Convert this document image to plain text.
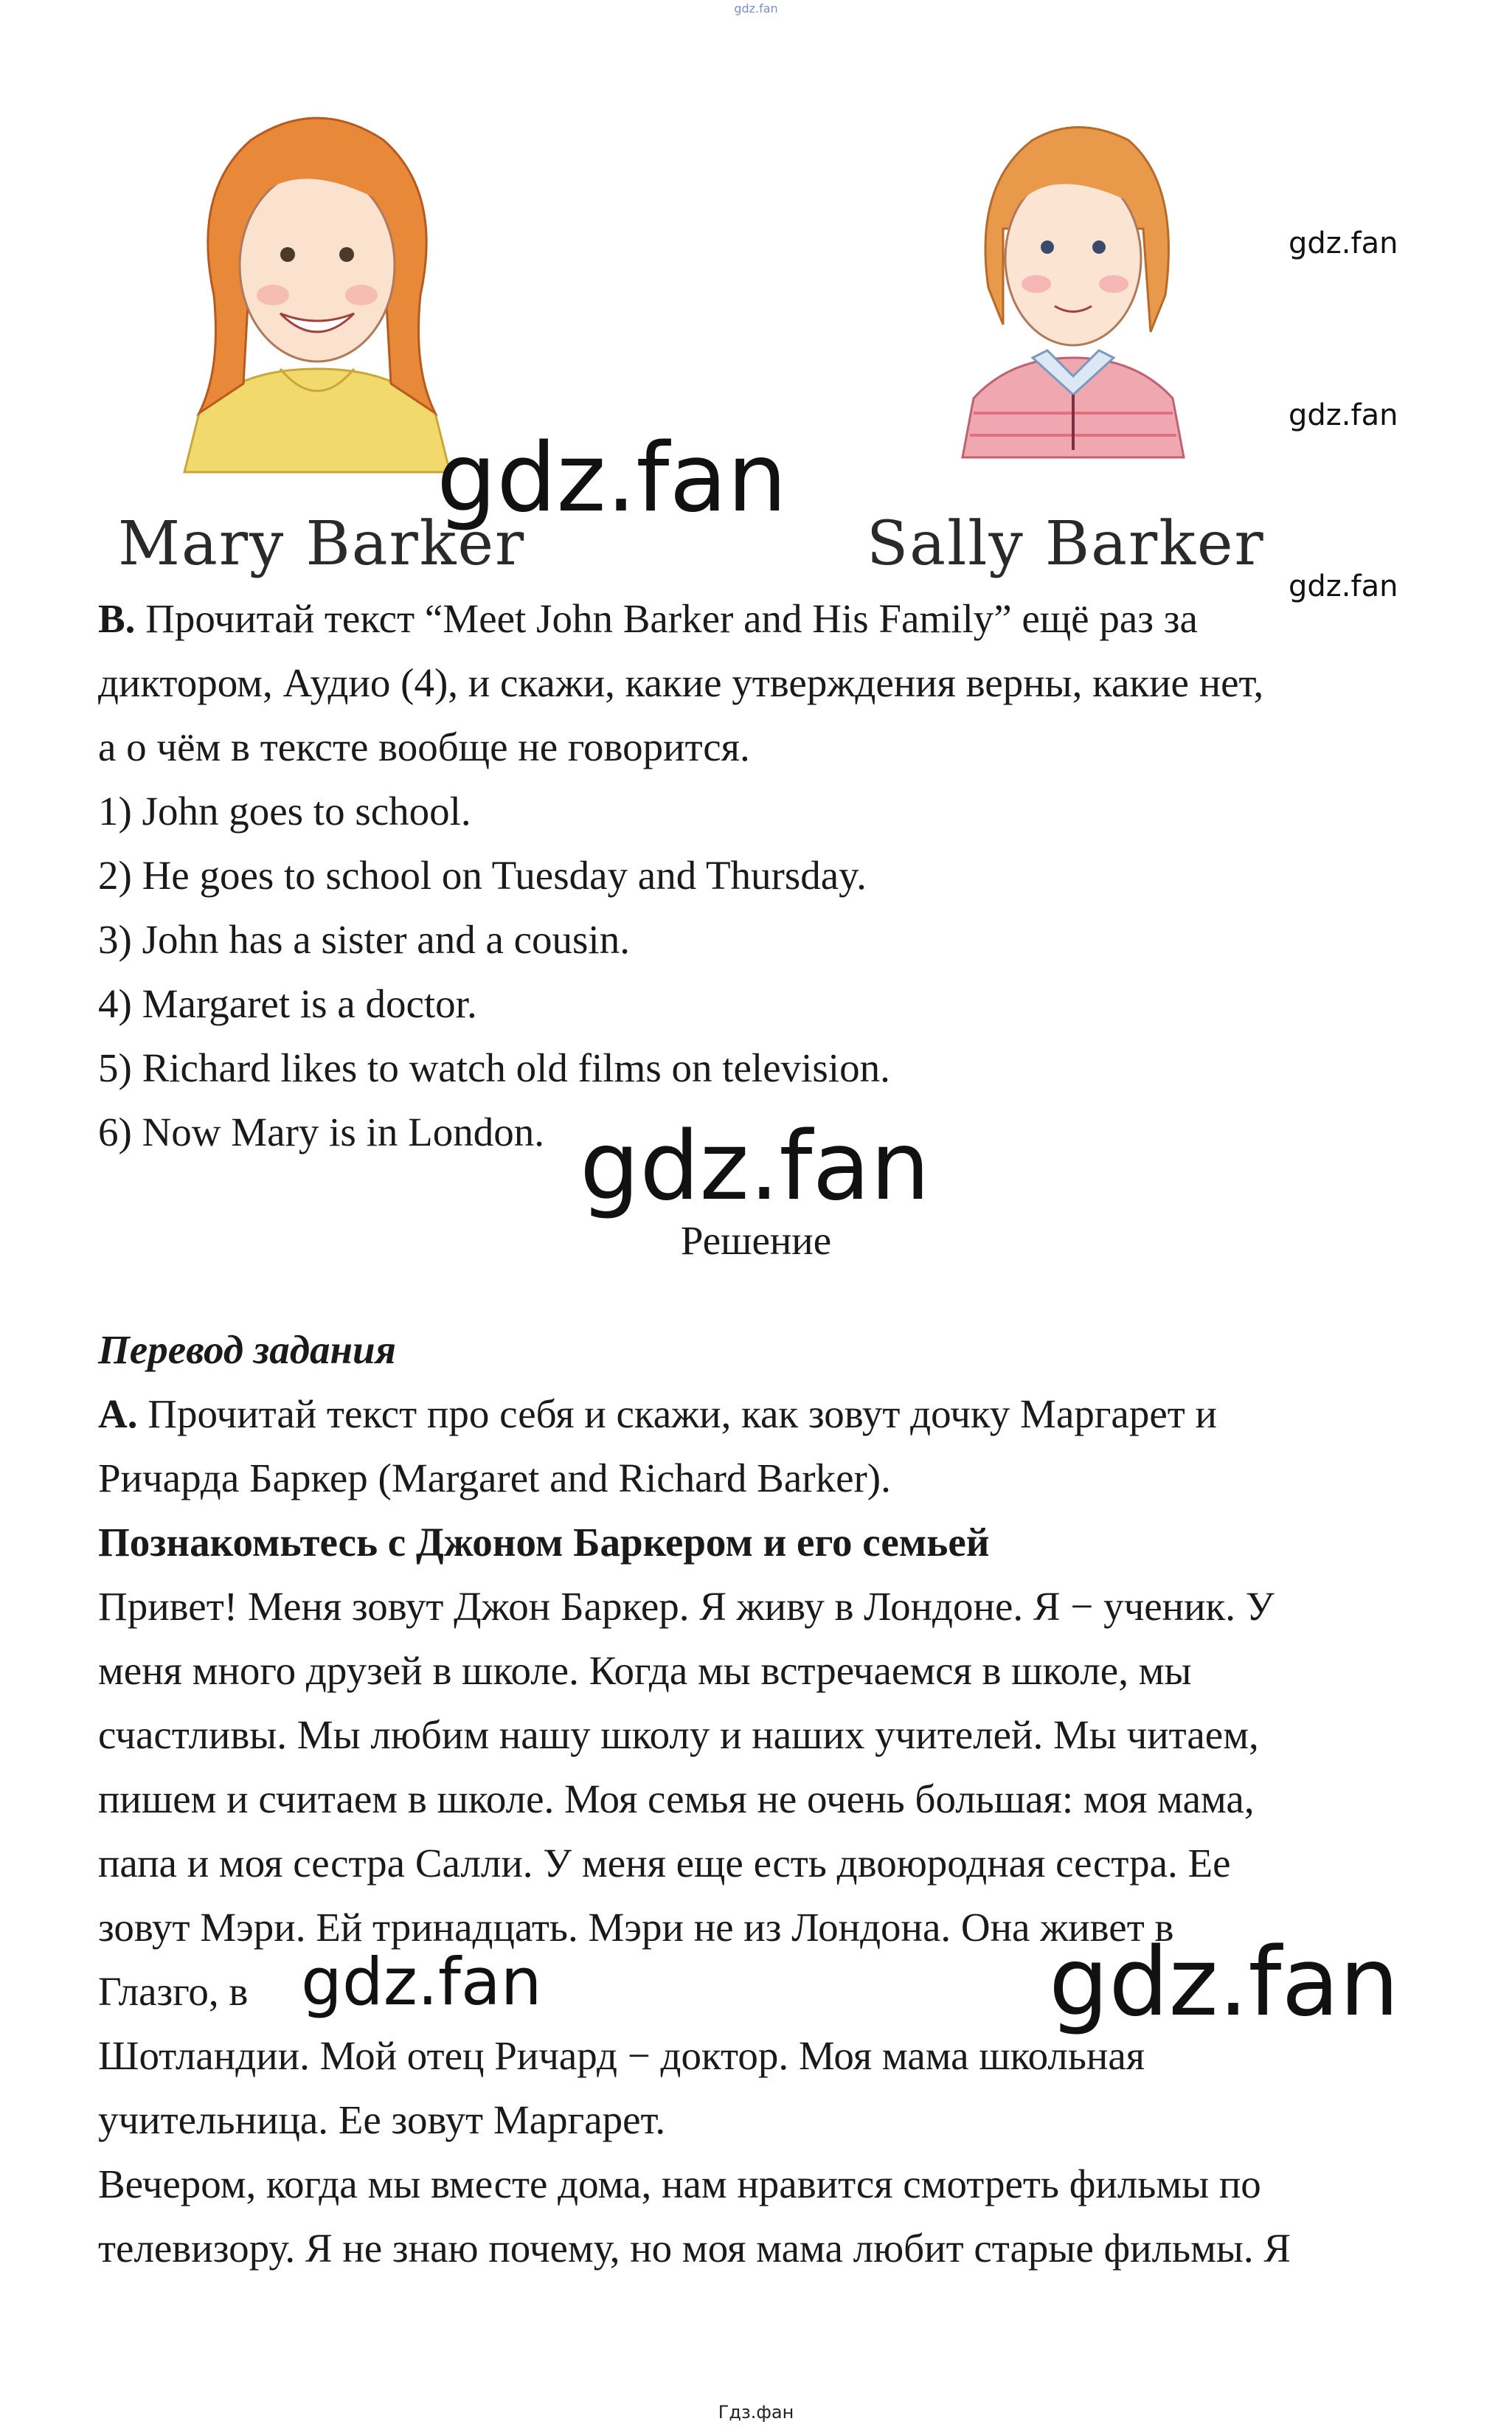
gdz.fan
Mary Barker	Sally Barker
gdz.fan
gdz.fan
gdz.fan
gdz.fan
B. Прочитай текст “Meet John Barker and His Family” ещё раз за
диктором, Аудио (4), и скажи, какие утверждения верны, какие нет,
а о чём в тексте вообще не говорится.
1) John goes to school.
2) He goes to school on Tuesday and Thursday.
3) John has a sister and a cousin.
4) Margaret is a doctor.
5) Richard likes to watch old films on television.
6) Now Mary is in London. gdz.fan
Решение
Перевод задания
A. Прочитай текст про себя и скажи, как зовут дочку Маргарет и
Ричарда Баркер (Margaret and Richard Barker).
Познакомьтесь с Джоном Баркером и его семьей
Привет! Меня зовут Джон Баркер. Я живу в Лондоне. Я − ученик. У
меня много друзей в школе. Когда мы встречаемся в школе, мы
счастливы. Мы любим нашу школу и наших учителей. Мы читаем,
пишем и считаем в школе. Моя семья не очень большая: моя мама,
папа и моя сестра Салли. У меня еще есть двоюродная сестра. Ее
зовут Мэри. Ей тринадцать. Мэри не из Лондона. Она живет в
Глазго, в
Шотландии. Мой отец Ричард − доктор. Моя мама школьная
учительница. Ее зовут Маргарет.
Вечером, когда мы вместе дома, нам нравится смотреть фильмы по
телевизору. Я не знаю почему, но моя мама любит старые фильмы. Я
gdz.fan	gdz.fan
Гдз.фан
